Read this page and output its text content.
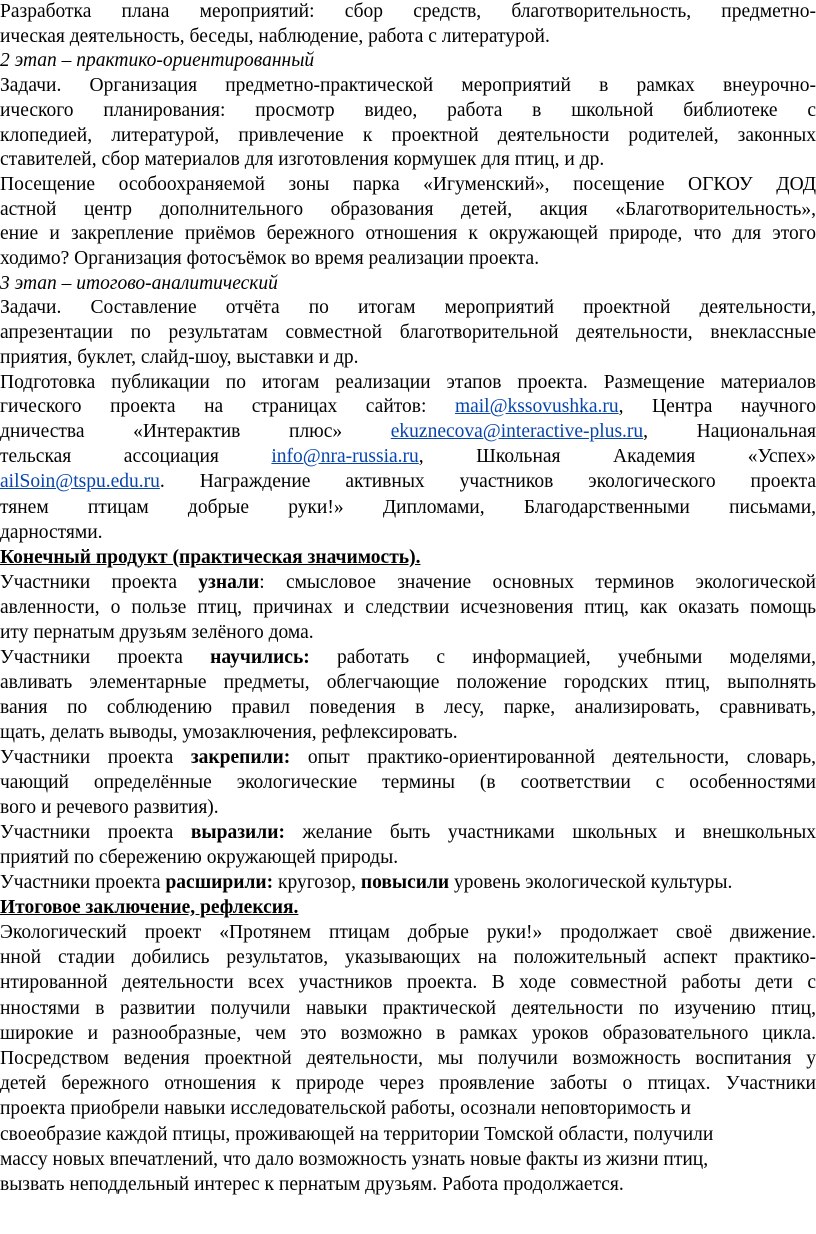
Разработка плана мероприятий: сбор средств, благотворительность, предметно-
ическая деятельность, беседы, наблюдение, работа с литературой.
2 этап – практико-ориентированный
Задачи. Организация предметно-практической мероприятий в рамках внеурочно-
ического планирования: просмотр видео, работа в школьной библиотеке с
клопедией, литературой, привлечение к проектной деятельности родителей, законных
ставителей, сбор материалов для изготовления кормушек для птиц, и др.
Посещение особоохраняемой зоны парка «Игуменский», посещение ОГКОУ ДОД
астной центр дополнительного образования детей, акция «Благотворительность»,
ение и закрепление приёмов бережного отношения к окружающей природе, что для этого
ходимо? Организация фотосъёмок во время реализации проекта.
3 этап – итогово-аналитический
Задачи. Составление отчёта по итогам мероприятий проектной деятельности,
апрезентации по результатам совместной благотворительной деятельности, внеклассные
приятия, буклет, слайд-шоу, выставки и др.
Подготовка публикации по итогам реализации этапов проекта. Размещение материалов
гического проекта на страницах сайтов: mail@kssovushka.ru, Центра научного
дничества «Интерактив плюс» ekuznecova@interactive-plus.ru, Национальная
тельская ассоциация info@nra-russia.ru, Школьная Академия «Успех»
ailSoin@tspu.edu.ru. Награждение активных участников экологического проекта
тянем птицам добрые руки!» Дипломами, Благодарственными письмами,
дарностями.
Конечный продукт (практическая значимость).
Участники проекта узнали: смысловое значение основных терминов экологической
авленности, о пользе птиц, причинах и следствии исчезновения птиц, как оказать помощь
иту пернатым друзьям зелёного дома.
Участники проекта научились: работать с информацией, учебными моделями,
авливать элементарные предметы, облегчающие положение городских птиц, выполнять
вания по соблюдению правил поведения в лесу, парке, анализировать, сравнивать,
щать, делать выводы, умозаключения, рефлексировать.
Участники проекта закрепили: опыт практико-ориентированной деятельности, словарь,
чающий определённые экологические термины (в соответствии с особенностями
вого и речевого развития).
Участники проекта выразили: желание быть участниками школьных и внешкольных
приятий по сбережению окружающей природы.
Участники проекта расширили: кругозор, повысили уровень экологической культуры.
Итоговое заключение, рефлексия.
Экологический проект «Протянем птицам добрые руки!» продолжает своё движение.
нной стадии добились результатов, указывающих на положительный аспект практико-
нтированной деятельности всех участников проекта. В ходе совместной работы дети с
нностями в развитии получили навыки практической деятельности по изучению птиц,
широкие и разнообразные, чем это возможно в рамках уроков образовательного цикла.
Посредством ведения проектной деятельности, мы получили возможность воспитания у
детей бережного отношения к природе через проявление заботы о птицах. Участники
проекта приобрели навыки исследовательской работы, осознали неповторимость и
своеобразие каждой птицы, проживающей на территории Томской области, получили
массу новых впечатлений, что дало возможность узнать новые факты из жизни птиц,
вызвать неподдельный интерес к пернатым друзьям. Работа продолжается.
